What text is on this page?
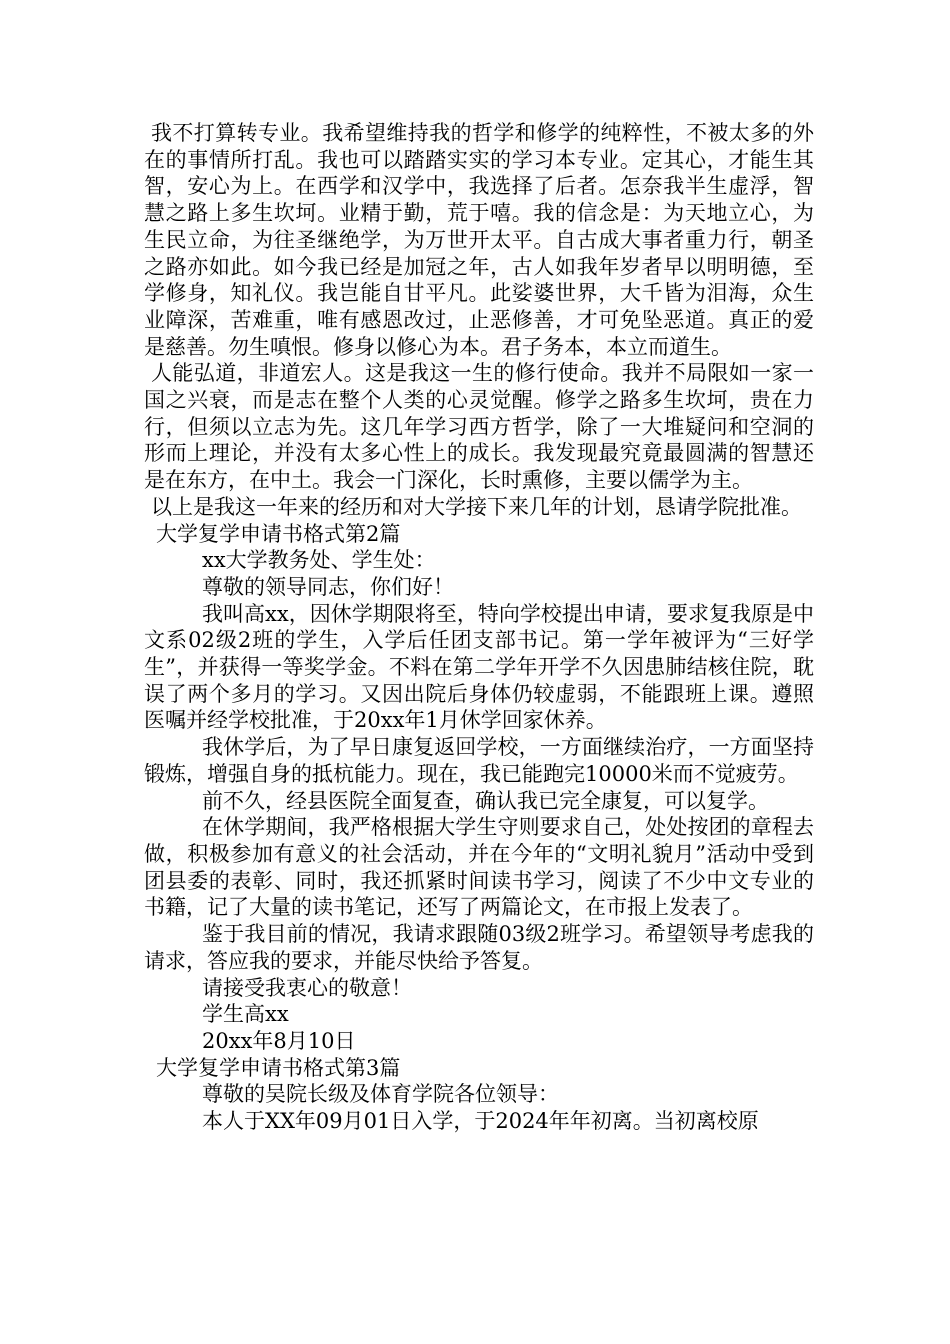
我不打算转专业。我希望维持我的哲学和修学的纯粹性，不被太多的外在的事情所打乱。我也可以踏踏实实的学习本专业。定其心，才能生其智，安心为上。在西学和汉学中，我选择了后者。怎奈我半生虚浮，智慧之路上多生坎坷。业精于勤，荒于嘻。我的信念是：为天地立心，为生民立命，为往圣继绝学，为万世开太平。自古成大事者重力行，朝圣之路亦如此。如今我已经是加冠之年，古人如我年岁者早以明明德，至学修身，知礼仪。我岂能自甘平凡。此娑婆世界，大千皆为泪海，众生业障深，苦难重，唯有感恩改过，止恶修善，才可免坠恶道。真正的爱是慈善。勿生嗔恨。修身以修心为本。君子务本，本立而道生。

人能弘道，非道宏人。这是我这一生的修行使命。我并不局限如一家一国之兴衰，而是志在整个人类的心灵觉醒。修学之路多生坎坷，贵在力行，但须以立志为先。这几年学习西方哲学，除了一大堆疑问和空洞的形而上理论，并没有太多心性上的成长。我发现最究竟最圆满的智慧还是在东方，在中土。我会一门深化，长时熏修，主要以儒学为主。

以上是我这一年来的经历和对大学接下来几年的计划，恳请学院批准。

大学复学申请书格式第2篇

xx大学教务处、学生处：

尊敬的领导同志，你们好！

我叫高xx，因休学期限将至，特向学校提出申请，要求复我原是中文系02级2班的学生，入学后任团支部书记。第一学年被评为“三好学生”，并获得一等奖学金。不料在第二学年开学不久因患肺结核住院，耽误了两个多月的学习。又因出院后身体仍较虚弱，不能跟班上课。遵照医嘱并经学校批准，于20xx年1月休学回家休养。

我休学后，为了早日康复返回学校，一方面继续治疗，一方面坚持锻炼，增强自身的抵杭能力。现在，我已能跑完10000米而不觉疲劳。

前不久，经县医院全面复查，确认我已完全康复，可以复学。

在休学期间，我严格根据大学生守则要求自己，处处按团的章程去做，积极参加有意义的社会活动，并在今年的“文明礼貌月”活动中受到团县委的表彰、同时，我还抓紧时间读书学习，阅读了不少中文专业的书籍，记了大量的读书笔记，还写了两篇论文，在市报上发表了。

鉴于我目前的情况，我请求跟随03级2班学习。希望领导考虑我的请求，答应我的要求，并能尽快给予答复。

请接受我衷心的敬意！

学生高xx

20xx年8月10日

大学复学申请书格式第3篇

尊敬的吴院长级及体育学院各位领导：

本人于XX年09月01日入学，于2024年年初离。当初离校原
